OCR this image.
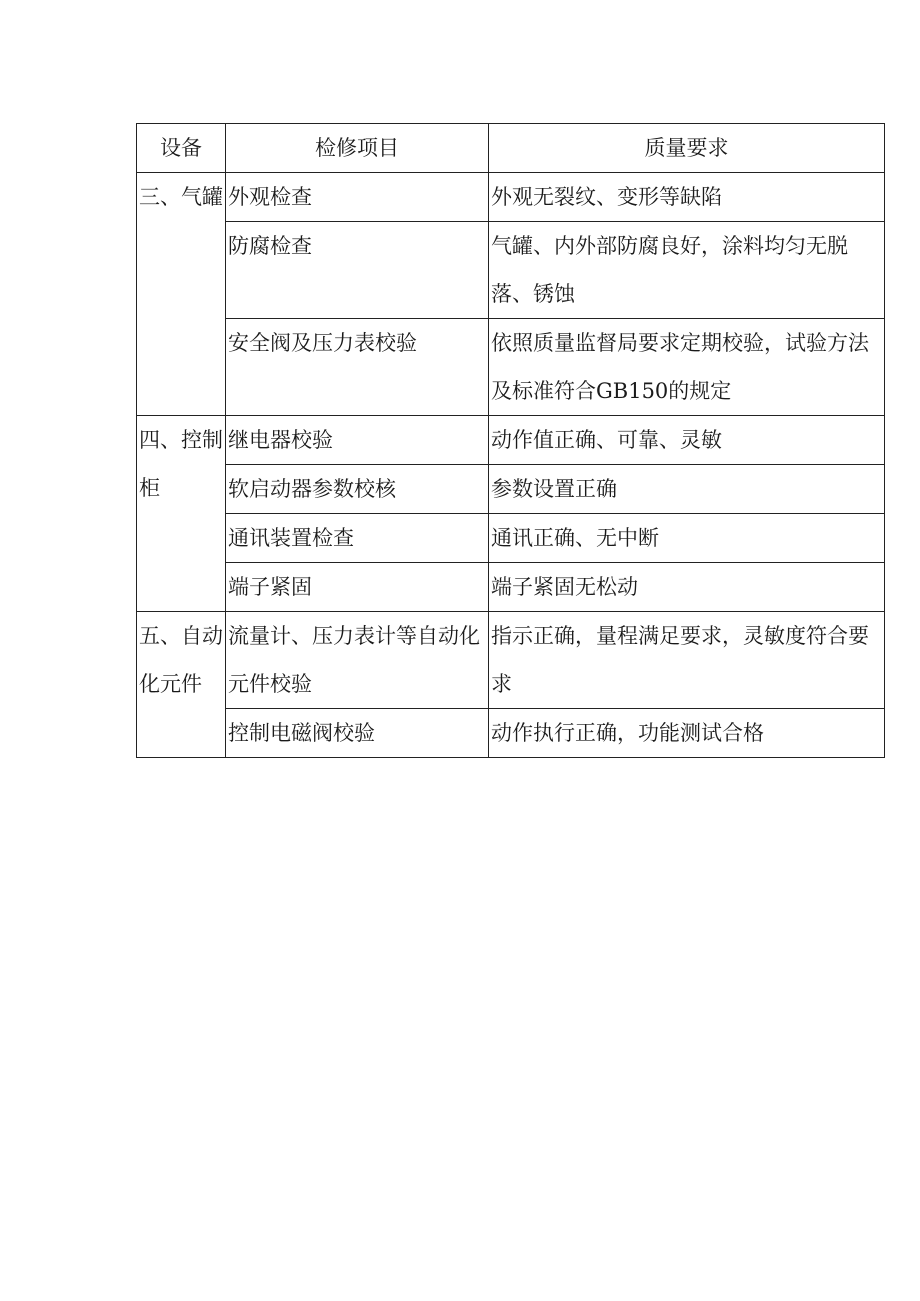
设备	检修项目	质量要求
三、气罐	外观检查	外观无裂纹、变形等缺陷
	防腐检查	气罐、内外部防腐良好，涂料均匀无脱落、锈蚀
	安全阀及压力表校验	依照质量监督局要求定期校验，试验方法及标准符合GB150的规定
四、控制柜	继电器校验	动作值正确、可靠、灵敏
	软启动器参数校核	参数设置正确
	通讯装置检查	通讯正确、无中断
	端子紧固	端子紧固无松动
五、自动化元件	流量计、压力表计等自动化元件校验	指示正确，量程满足要求，灵敏度符合要求
	控制电磁阀校验	动作执行正确，功能测试合格
